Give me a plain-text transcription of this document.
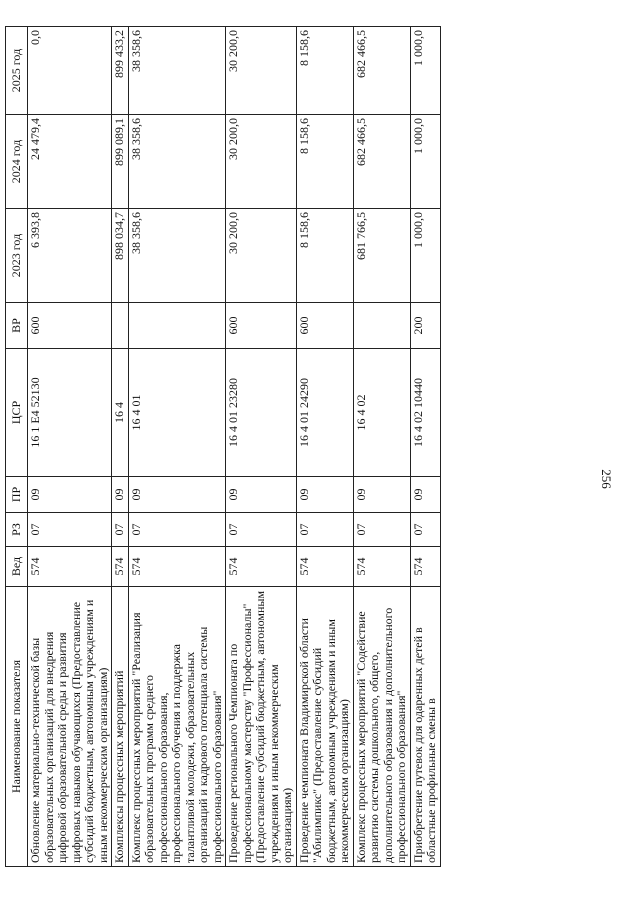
256
Наименование показателя	Вед	РЗ	ПР	ЦСР	ВР	2023 год	2024 год	2025 год
Обновление материально-технической базы образовательных организаций для внедрения цифровой образовательной среды и развития цифровых навыков обучающихся (Предоставление субсидий бюджетным, автономным учреждениям и иным некоммерческим организациям)	574	07	09	16 1 Е4 52130	600	6 393,8	24 479,4	0,0
Комплексы процессных мероприятий	574	07	09	16 4		898 034,7	899 089,1	899 433,2
Комплекс процессных мероприятий "Реализация образовательных программ среднего профессионального образования, профессионального обучения и поддержка талантливой молодежи, образовательных организаций и кадрового потенциала системы профессионального образования"	574	07	09	16 4 01		38 358,6	38 358,6	38 358,6
Проведение регионального Чемпионата по профессиональному мастерству "Профессионалы" (Предоставление субсидий бюджетным, автономным учреждениям и иным некоммерческим организациям)	574	07	09	16 4 01 23280	600	30 200,0	30 200,0	30 200,0
Проведение чемпионата Владимирской области "Абилимпикс" (Предоставление субсидий бюджетным, автономным учреждениям и иным некоммерческим организациям)	574	07	09	16 4 01 24290	600	8 158,6	8 158,6	8 158,6
Комплекс процессных мероприятий "Содействие развитию системы дошкольного, общего, дополнительного образования и дополнительного профессионального образования"	574	07	09	16 4 02		681 766,5	682 466,5	682 466,5
Приобретение путевок для одаренных детей в областные профильные смены в	574	07	09	16 4 02 10440	200	1 000,0	1 000,0	1 000,0
